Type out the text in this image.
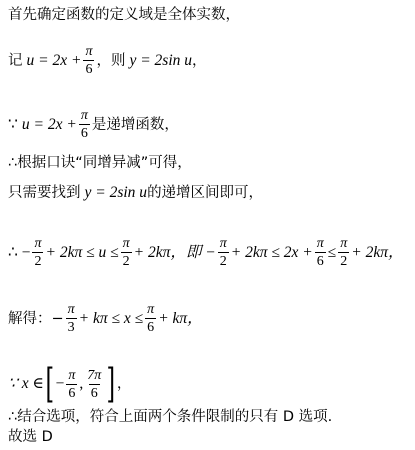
首先确定函数的定义域是全体实数，
记 $u = 2x + \frac{\pi}{6}$ ，则 y = 2sin u ，
∵ $u = 2x + \frac{\pi}{6}$ 是递增函数，
∴根据口诀“同增异减”可得，
只需要找到 y = 2sin u 的递增区间即可，
∴ − $\frac{\pi}{2} + 2k\pi \le u \le \frac{\pi}{2} + 2k\pi$，即 − $\frac{\pi}{2} + 2k\pi \le 2x + \frac{\pi}{6} \le \frac{\pi}{2} + 2k\pi$，
解得：− $\frac{\pi}{3} + k\pi \le x \le \frac{\pi}{6} + k\pi$，
∵ x ∈ [ − $\frac{\pi}{6}$ , $\frac{7\pi}{6}$ ] ，
∴结合选项，符合上面两个条件限制的只有 D 选项.
故选 D
